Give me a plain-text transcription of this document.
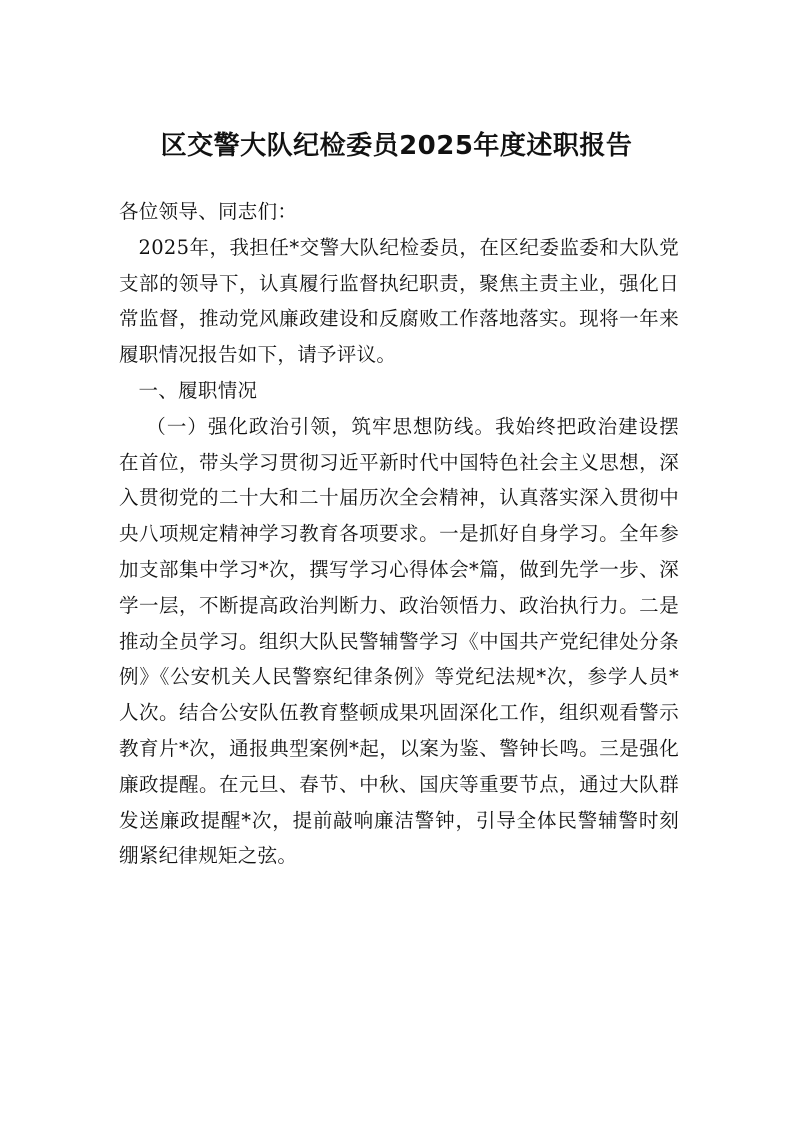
区交警大队纪检委员2025年度述职报告

各位领导、同志们：

2025年，我担任*交警大队纪检委员，在区纪委监委和大队党支部的领导下，认真履行监督执纪职责，聚焦主责主业，强化日常监督，推动党风廉政建设和反腐败工作落地落实。现将一年来履职情况报告如下，请予评议。

一、履职情况

（一）强化政治引领，筑牢思想防线。我始终把政治建设摆在首位，带头学习贯彻习近平新时代中国特色社会主义思想，深入贯彻党的二十大和二十届历次全会精神，认真落实深入贯彻中央八项规定精神学习教育各项要求。一是抓好自身学习。全年参加支部集中学习*次，撰写学习心得体会*篇，做到先学一步、深学一层，不断提高政治判断力、政治领悟力、政治执行力。二是推动全员学习。组织大队民警辅警学习《中国共产党纪律处分条例》《公安机关人民警察纪律条例》等党纪法规*次，参学人员*人次。结合公安队伍教育整顿成果巩固深化工作，组织观看警示教育片*次，通报典型案例*起，以案为鉴、警钟长鸣。三是强化廉政提醒。在元旦、春节、中秋、国庆等重要节点，通过大队群发送廉政提醒*次，提前敲响廉洁警钟，引导全体民警辅警时刻绷紧纪律规矩之弦。
